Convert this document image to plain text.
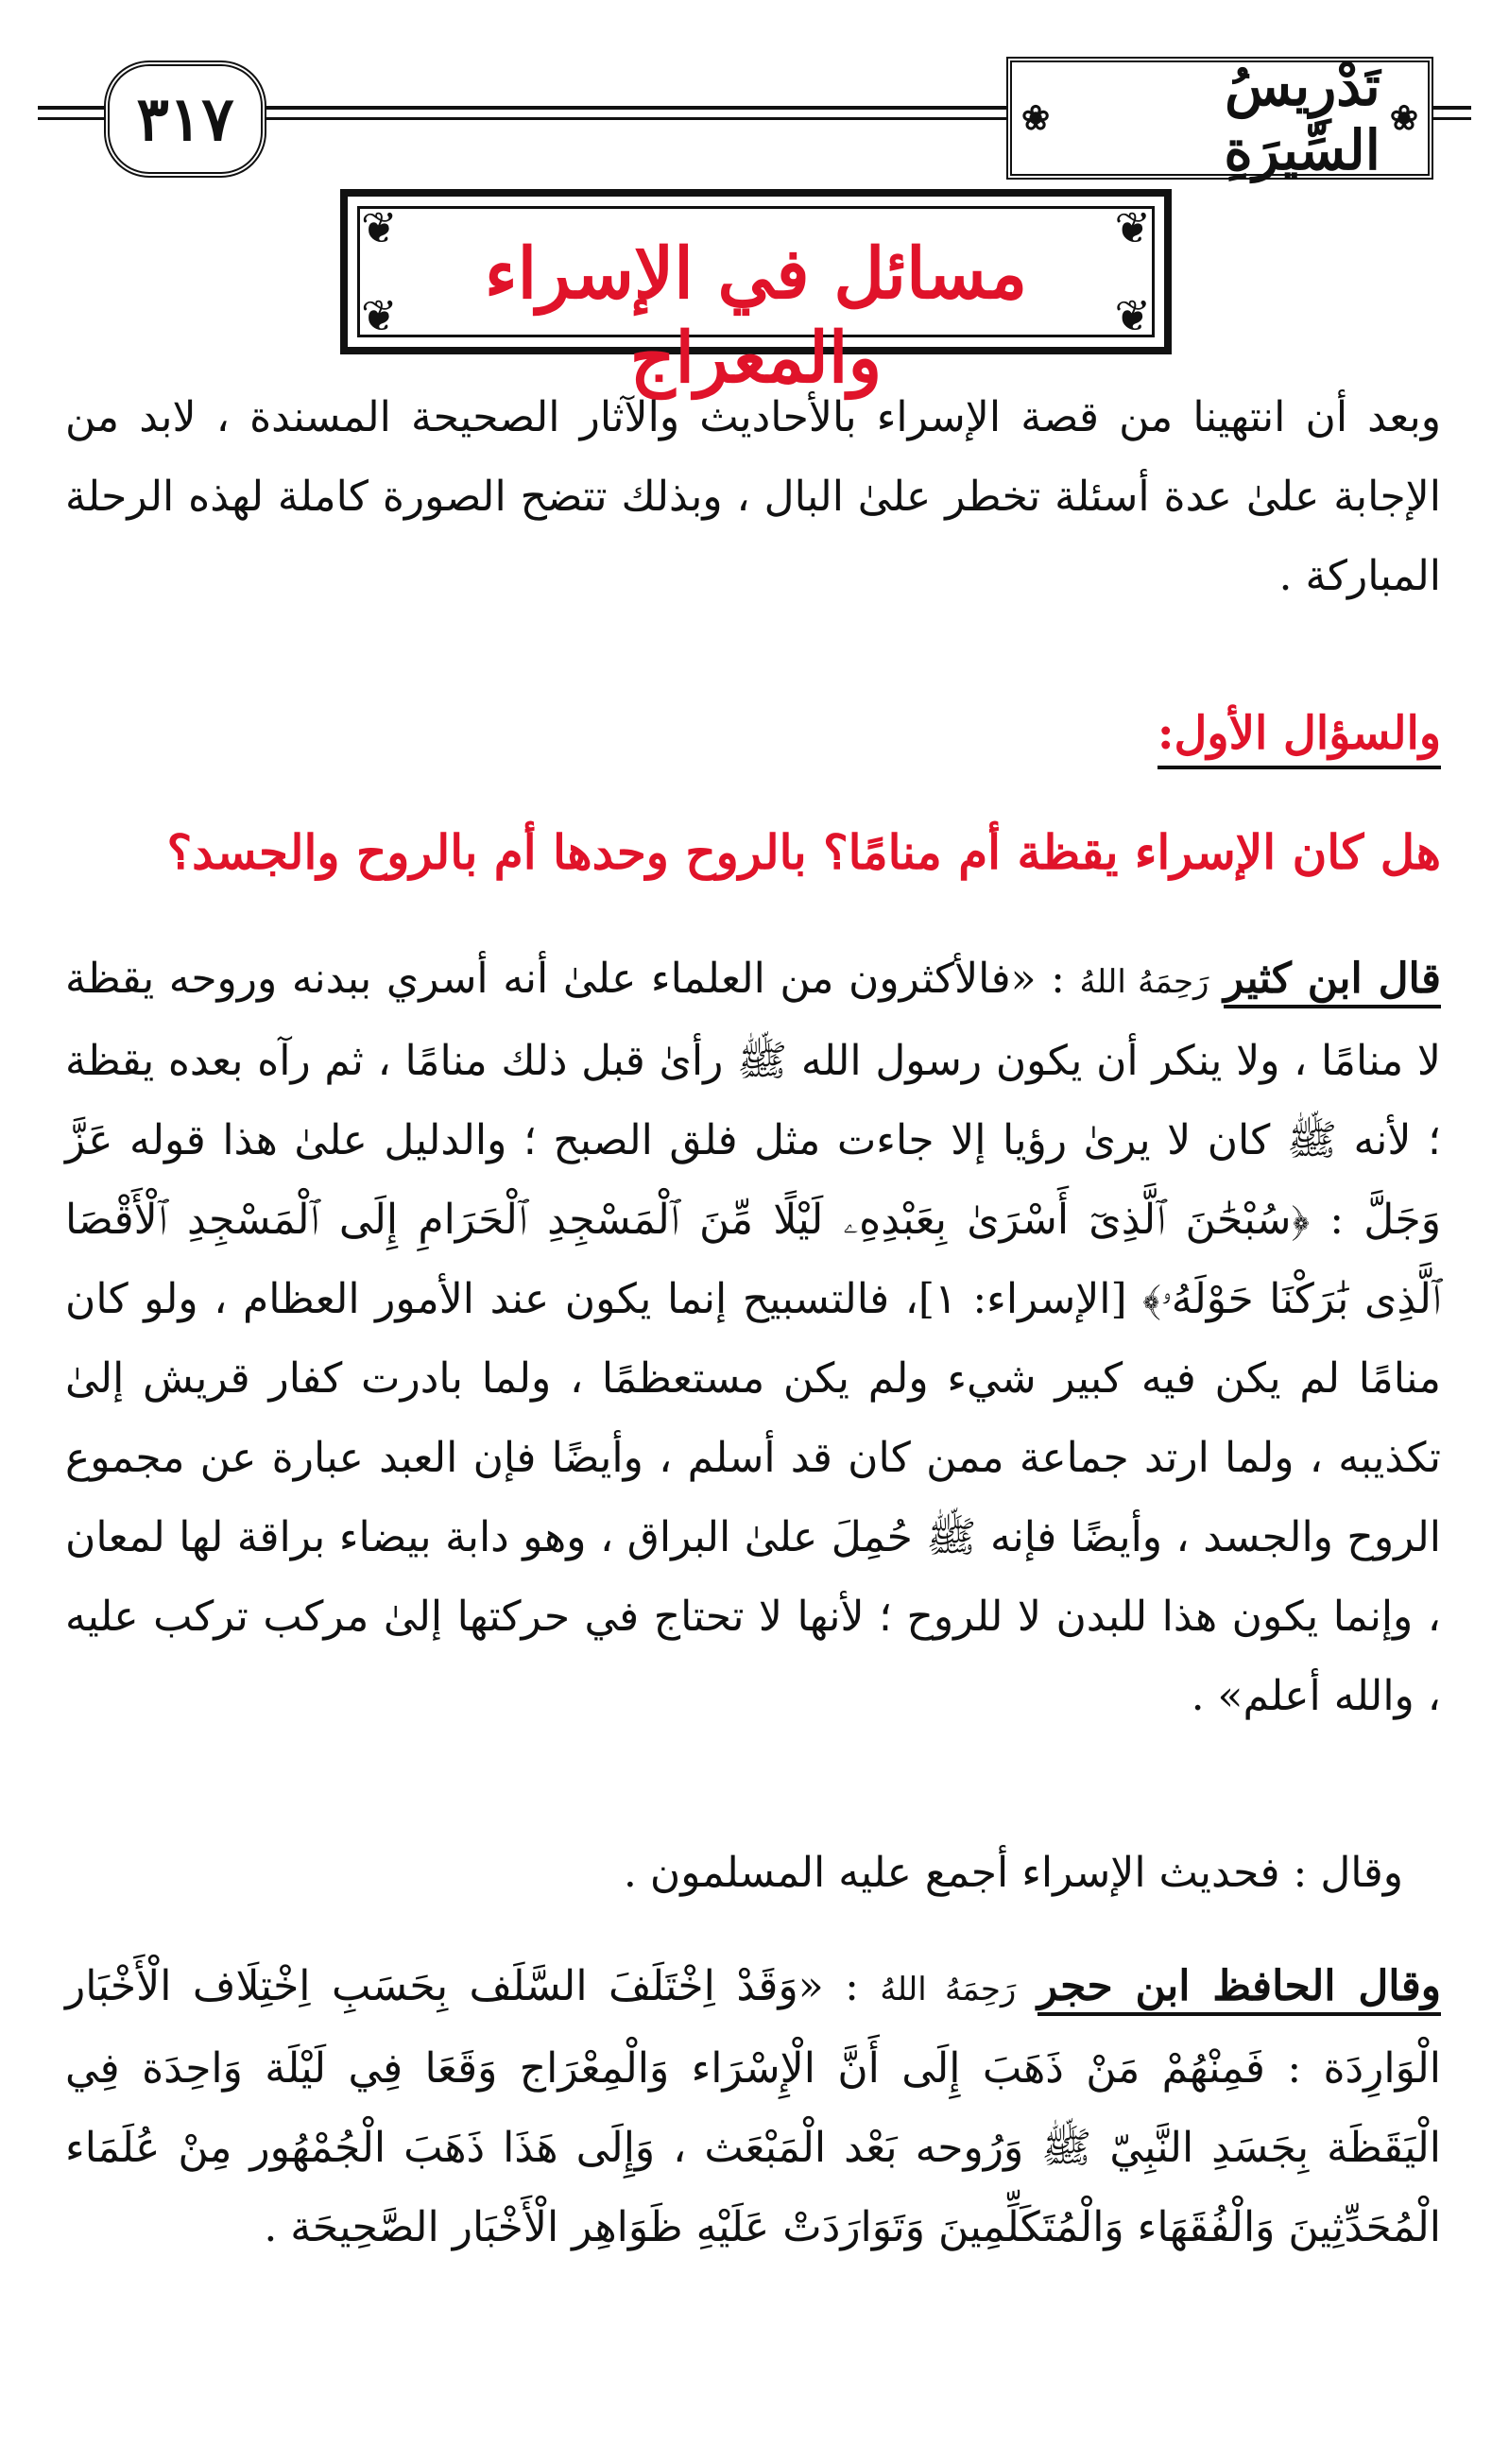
٣١٧	❀
تَدْرِيسُ السِّيرَةِ
❀
❦	❦
❦	❦
مسائل في الإسراء والمعراج

وبعد أن انتهينا من قصة الإسراء بالأحاديث والآثار الصحيحة المسندة ، لابد من الإجابة علىٰ عدة أسئلة تخطر علىٰ البال ، وبذلك تتضح الصورة كاملة لهذه الرحلة المباركة .

والسؤال الأول:
هل كان الإسراء يقظة أم منامًا؟ بالروح وحدها أم بالروح والجسد؟

قال ابن كثير رَحِمَهُ اللهُ : «فالأكثرون من العلماء علىٰ أنه أسري ببدنه وروحه يقظة لا منامًا ، ولا ينكر أن يكون رسول الله ﷺ رأىٰ قبل ذلك منامًا ، ثم رآه بعده يقظة ؛ لأنه ﷺ كان لا يرىٰ رؤيا إلا جاءت مثل فلق الصبح ؛ والدليل علىٰ هذا قوله عَزَّ وَجَلَّ : ﴿سُبْحَٰنَ ٱلَّذِىٓ أَسْرَىٰ بِعَبْدِهِۦ لَيْلًا مِّنَ ٱلْمَسْجِدِ ٱلْحَرَامِ إِلَى ٱلْمَسْجِدِ ٱلْأَقْصَا ٱلَّذِى بَٰرَكْنَا حَوْلَهُۥ﴾ [الإسراء: ١]، فالتسبيح إنما يكون عند الأمور العظام ، ولو كان منامًا لم يكن فيه كبير شيء ولم يكن مستعظمًا ، ولما بادرت كفار قريش إلىٰ تكذيبه ، ولما ارتد جماعة ممن كان قد أسلم ، وأيضًا فإن العبد عبارة عن مجموع الروح والجسد ، وأيضًا فإنه ﷺ حُمِلَ علىٰ البراق ، وهو دابة بيضاء براقة لها لمعان ، وإنما يكون هذا للبدن لا للروح ؛ لأنها لا تحتاج في حركتها إلىٰ مركب تركب عليه ، والله أعلم» .

وقال : فحديث الإسراء أجمع عليه المسلمون .

وقال الحافظ ابن حجر رَحِمَهُ اللهُ : «وَقَدْ اِخْتَلَفَ السَّلَف بِحَسَبِ اِخْتِلَاف الْأَخْبَار الْوَارِدَة : فَمِنْهُمْ مَنْ ذَهَبَ إِلَى أَنَّ الْإِسْرَاء وَالْمِعْرَاج وَقَعَا فِي لَيْلَة وَاحِدَة فِي الْيَقَظَة بِجَسَدِ النَّبِيّ ﷺ وَرُوحه بَعْد الْمَبْعَث ، وَإِلَى هَذَا ذَهَبَ الْجُمْهُور مِنْ عُلَمَاء الْمُحَدِّثِينَ وَالْفُقَهَاء وَالْمُتَكَلِّمِينَ وَتَوَارَدَتْ عَلَيْهِ ظَوَاهِر الْأَخْبَار الصَّحِيحَة .
